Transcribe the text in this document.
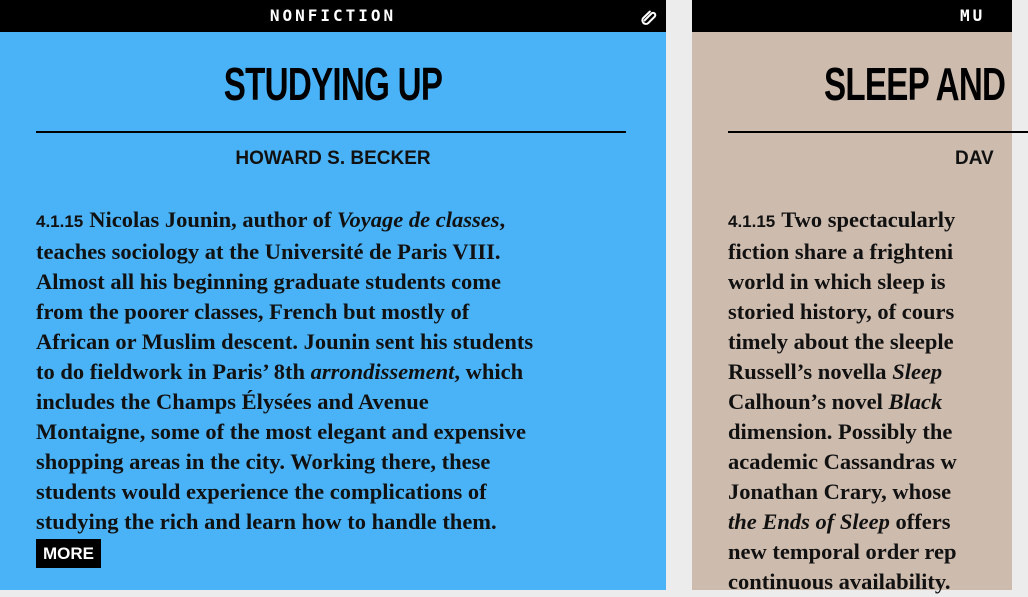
NONFICTION
STUDYING UP
HOWARD S. BECKER
4.1.15 Nicolas Jounin, author of Voyage de classes,
teaches sociology at the Université de Paris VIII.
Almost all his beginning graduate students come
from the poorer classes, French but mostly of
African or Muslim descent. Jounin sent his students
to do fieldwork in Paris’ 8th arrondissement, which
includes the Champs Élysées and Avenue
Montaigne, some of the most elegant and expensive
shopping areas in the city. Working there, these
students would experience the complications of
studying the rich and learn how to handle them.
MORE
MU
SLEEP AND
DAV
4.1.15 Two spectacularly
fiction share a frighteni
world in which sleep is
storied history, of cours
timely about the sleeple
Russell’s novella Sleep
Calhoun’s novel Black
dimension. Possibly the
academic Cassandras w
Jonathan Crary, whose
the Ends of Sleep offers
new temporal order rep
continuous availability.
